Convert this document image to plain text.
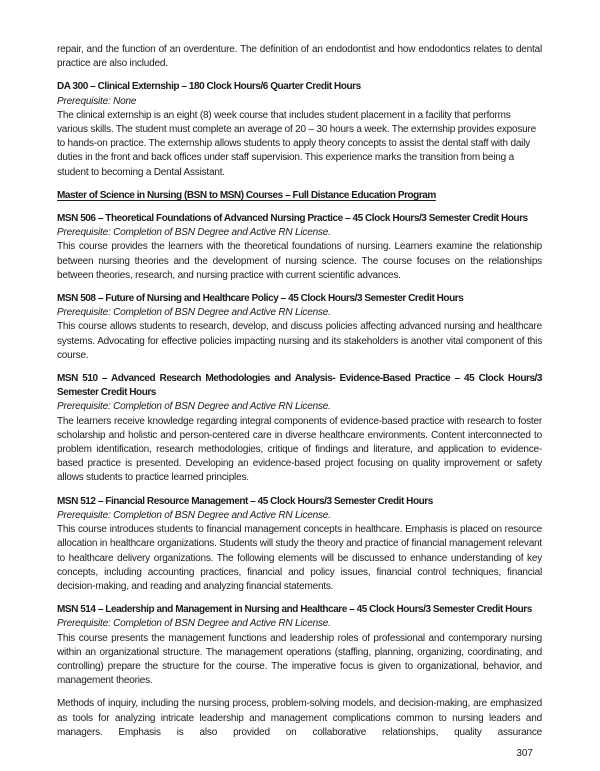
repair, and the function of an overdenture. The definition of an endodontist and how endodontics relates to dental practice are also included.
DA 300 – Clinical Externship – 180 Clock Hours/6 Quarter Credit Hours
Prerequisite: None
The clinical externship is an eight (8) week course that includes student placement in a facility that performs various skills. The student must complete an average of 20 – 30 hours a week. The externship provides exposure to hands-on practice. The externship allows students to apply theory concepts to assist the dental staff with daily duties in the front and back offices under staff supervision. This experience marks the transition from being a student to becoming a Dental Assistant.
Master of Science in Nursing (BSN to MSN) Courses – Full Distance Education Program
MSN 506 – Theoretical Foundations of Advanced Nursing Practice – 45 Clock Hours/3 Semester Credit Hours
Prerequisite: Completion of BSN Degree and Active RN License.
This course provides the learners with the theoretical foundations of nursing. Learners examine the relationship between nursing theories and the development of nursing science. The course focuses on the relationships between theories, research, and nursing practice with current scientific advances.
MSN 508 – Future of Nursing and Healthcare Policy – 45 Clock Hours/3 Semester Credit Hours
Prerequisite: Completion of BSN Degree and Active RN License.
This course allows students to research, develop, and discuss policies affecting advanced nursing and healthcare systems. Advocating for effective policies impacting nursing and its stakeholders is another vital component of this course.
MSN 510 – Advanced Research Methodologies and Analysis- Evidence-Based Practice – 45 Clock Hours/3 Semester Credit Hours
Prerequisite: Completion of BSN Degree and Active RN License.
The learners receive knowledge regarding integral components of evidence-based practice with research to foster scholarship and holistic and person-centered care in diverse healthcare environments. Content interconnected to problem identification, research methodologies, critique of findings and literature, and application to evidence-based practice is presented. Developing an evidence-based project focusing on quality improvement or safety allows students to practice learned principles.
MSN 512 – Financial Resource Management – 45 Clock Hours/3 Semester Credit Hours
Prerequisite: Completion of BSN Degree and Active RN License.
This course introduces students to financial management concepts in healthcare. Emphasis is placed on resource allocation in healthcare organizations. Students will study the theory and practice of financial management relevant to healthcare delivery organizations. The following elements will be discussed to enhance understanding of key concepts, including accounting practices, financial and policy issues, financial control techniques, financial decision-making, and reading and analyzing financial statements.
MSN 514 – Leadership and Management in Nursing and Healthcare – 45 Clock Hours/3 Semester Credit Hours
Prerequisite: Completion of BSN Degree and Active RN License.
This course presents the management functions and leadership roles of professional and contemporary nursing within an organizational structure. The management operations (staffing, planning, organizing, coordinating, and controlling) prepare the structure for the course. The imperative focus is given to organizational, behavior, and management theories.
Methods of inquiry, including the nursing process, problem-solving models, and decision-making, are emphasized as tools for analyzing intricate leadership and management complications common to nursing leaders and managers. Emphasis is also provided on collaborative relationships, quality assurance
307
